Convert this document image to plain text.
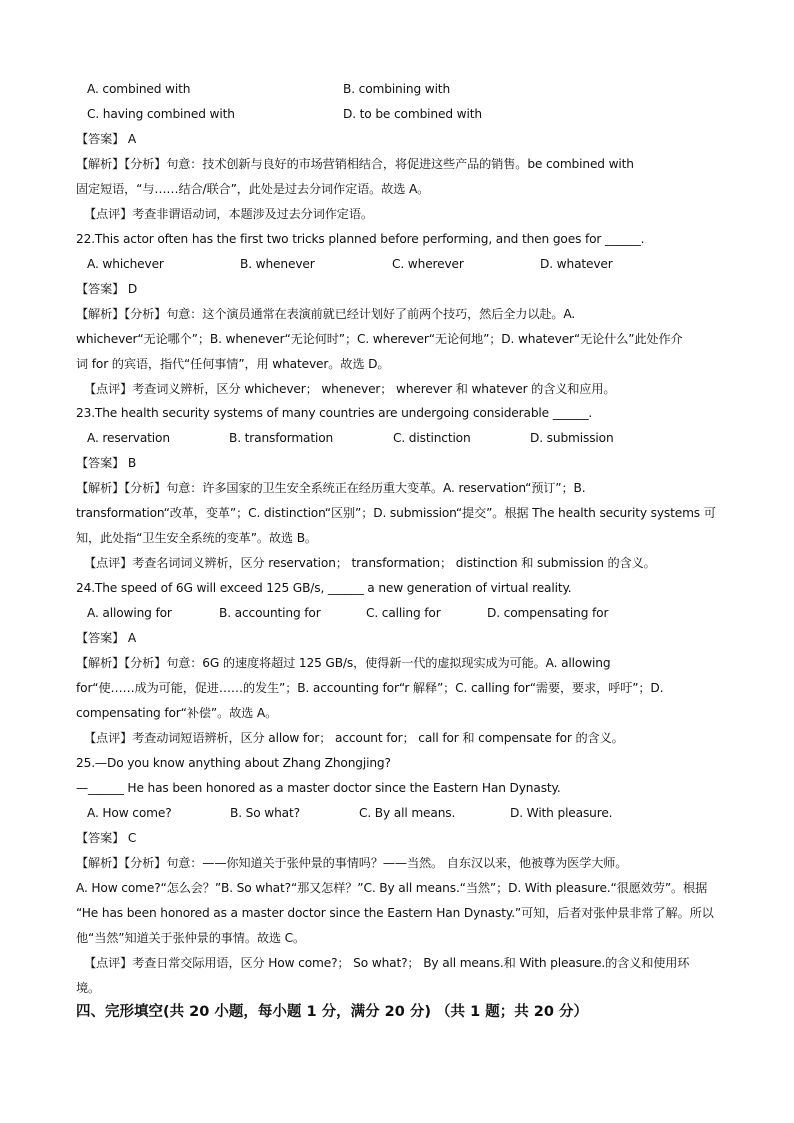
A. combined with	B. combining with
C. having combined with	D. to be combined with
【答案】 A
【解析】【分析】句意：技术创新与良好的市场营销相结合，将促进这些产品的销售。be combined with
固定短语，“与……结合/联合”，此处是过去分词作定语。故选 A。
【点评】考查非谓语动词，本题涉及过去分词作定语。
22.This actor often has the first two tricks planned before performing, and then goes for ______.
A. whichever	B. whenever	C. wherever	D. whatever
【答案】 D
【解析】【分析】句意：这个演员通常在表演前就已经计划好了前两个技巧，然后全力以赴。A.
whichever“无论哪个”；B. whenever“无论何时”；C. wherever“无论何地”；D. whatever“无论什么”此处作介
词 for 的宾语，指代“任何事情”，用 whatever。故选 D。
【点评】考查词义辨析，区分 whichever； whenever； wherever 和 whatever 的含义和应用。
23.The health security systems of many countries are undergoing considerable ______.
A. reservation	B. transformation	C. distinction	D. submission
【答案】 B
【解析】【分析】句意：许多国家的卫生安全系统正在经历重大变革。A. reservation“预订”；B.
transformation“改革，变革”；C. distinction“区别”；D. submission“提交”。根据 The health security systems 可
知，此处指“卫生安全系统的变革”。故选 B。
【点评】考查名词词义辨析，区分 reservation； transformation； distinction 和 submission 的含义。
24.The speed of 6G will exceed 125 GB/s, ______ a new generation of virtual reality.
A. allowing for	B. accounting for	C. calling for	D. compensating for
【答案】 A
【解析】【分析】句意：6G 的速度将超过 125 GB/s，使得新一代的虚拟现实成为可能。A. allowing
for“使……成为可能，促进……的发生”；B. accounting for“r 解释”；C. calling for“需要，要求，呼吁”；D.
compensating for“补偿”。故选 A。
【点评】考查动词短语辨析，区分 allow for； account for； call for 和 compensate for 的含义。
25.—Do you know anything about Zhang Zhongjing?
—______ He has been honored as a master doctor since the Eastern Han Dynasty.
A. How come?	B. So what?	C. By all means.	D. With pleasure.
【答案】 C
【解析】【分析】句意：——你知道关于张仲景的事情吗？——当然。 自东汉以来，他被尊为医学大师。
A. How come?“怎么会？”B. So what?“那又怎样？”C. By all means.“当然”；D. With pleasure.“很愿效劳”。根据
“He has been honored as a master doctor since the Eastern Han Dynasty.”可知，后者对张仲景非常了解。所以
他“当然”知道关于张仲景的事情。故选 C。
【点评】考查日常交际用语，区分 How come?； So what?； By all means.和 With pleasure.的含义和使用环
境。
四、完形填空(共 20 小题，每小题 1 分，满分 20 分) （共 1 题；共 20 分）
